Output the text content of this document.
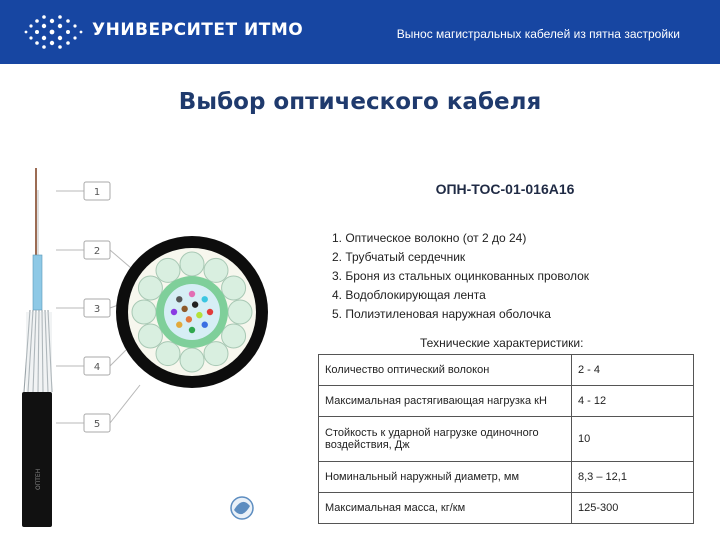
УНИВЕРСИТЕТ ИТМО	Вынос магистральных кабелей из пятна застройки
Выбор оптического кабеля
ОПТЕН
1
2
3
4
5
ОПН-ТОС-01-016А16
1. Оптическое волокно (от 2 до 24)
2. Трубчатый сердечник
3. Броня из стальных оцинкованных проволок
4. Водоблокирующая лента
5. Полиэтиленовая наружная оболочка
Технические характеристики:
Количество оптический волокон	2 - 4
Максимальная растягивающая нагрузка кН	4 - 12
Стойкость к ударной нагрузке одиночного воздействия, Дж	10
Номинальный наружный диаметр, мм	8,3 – 12,1
Максимальная масса, кг/км	125-300
